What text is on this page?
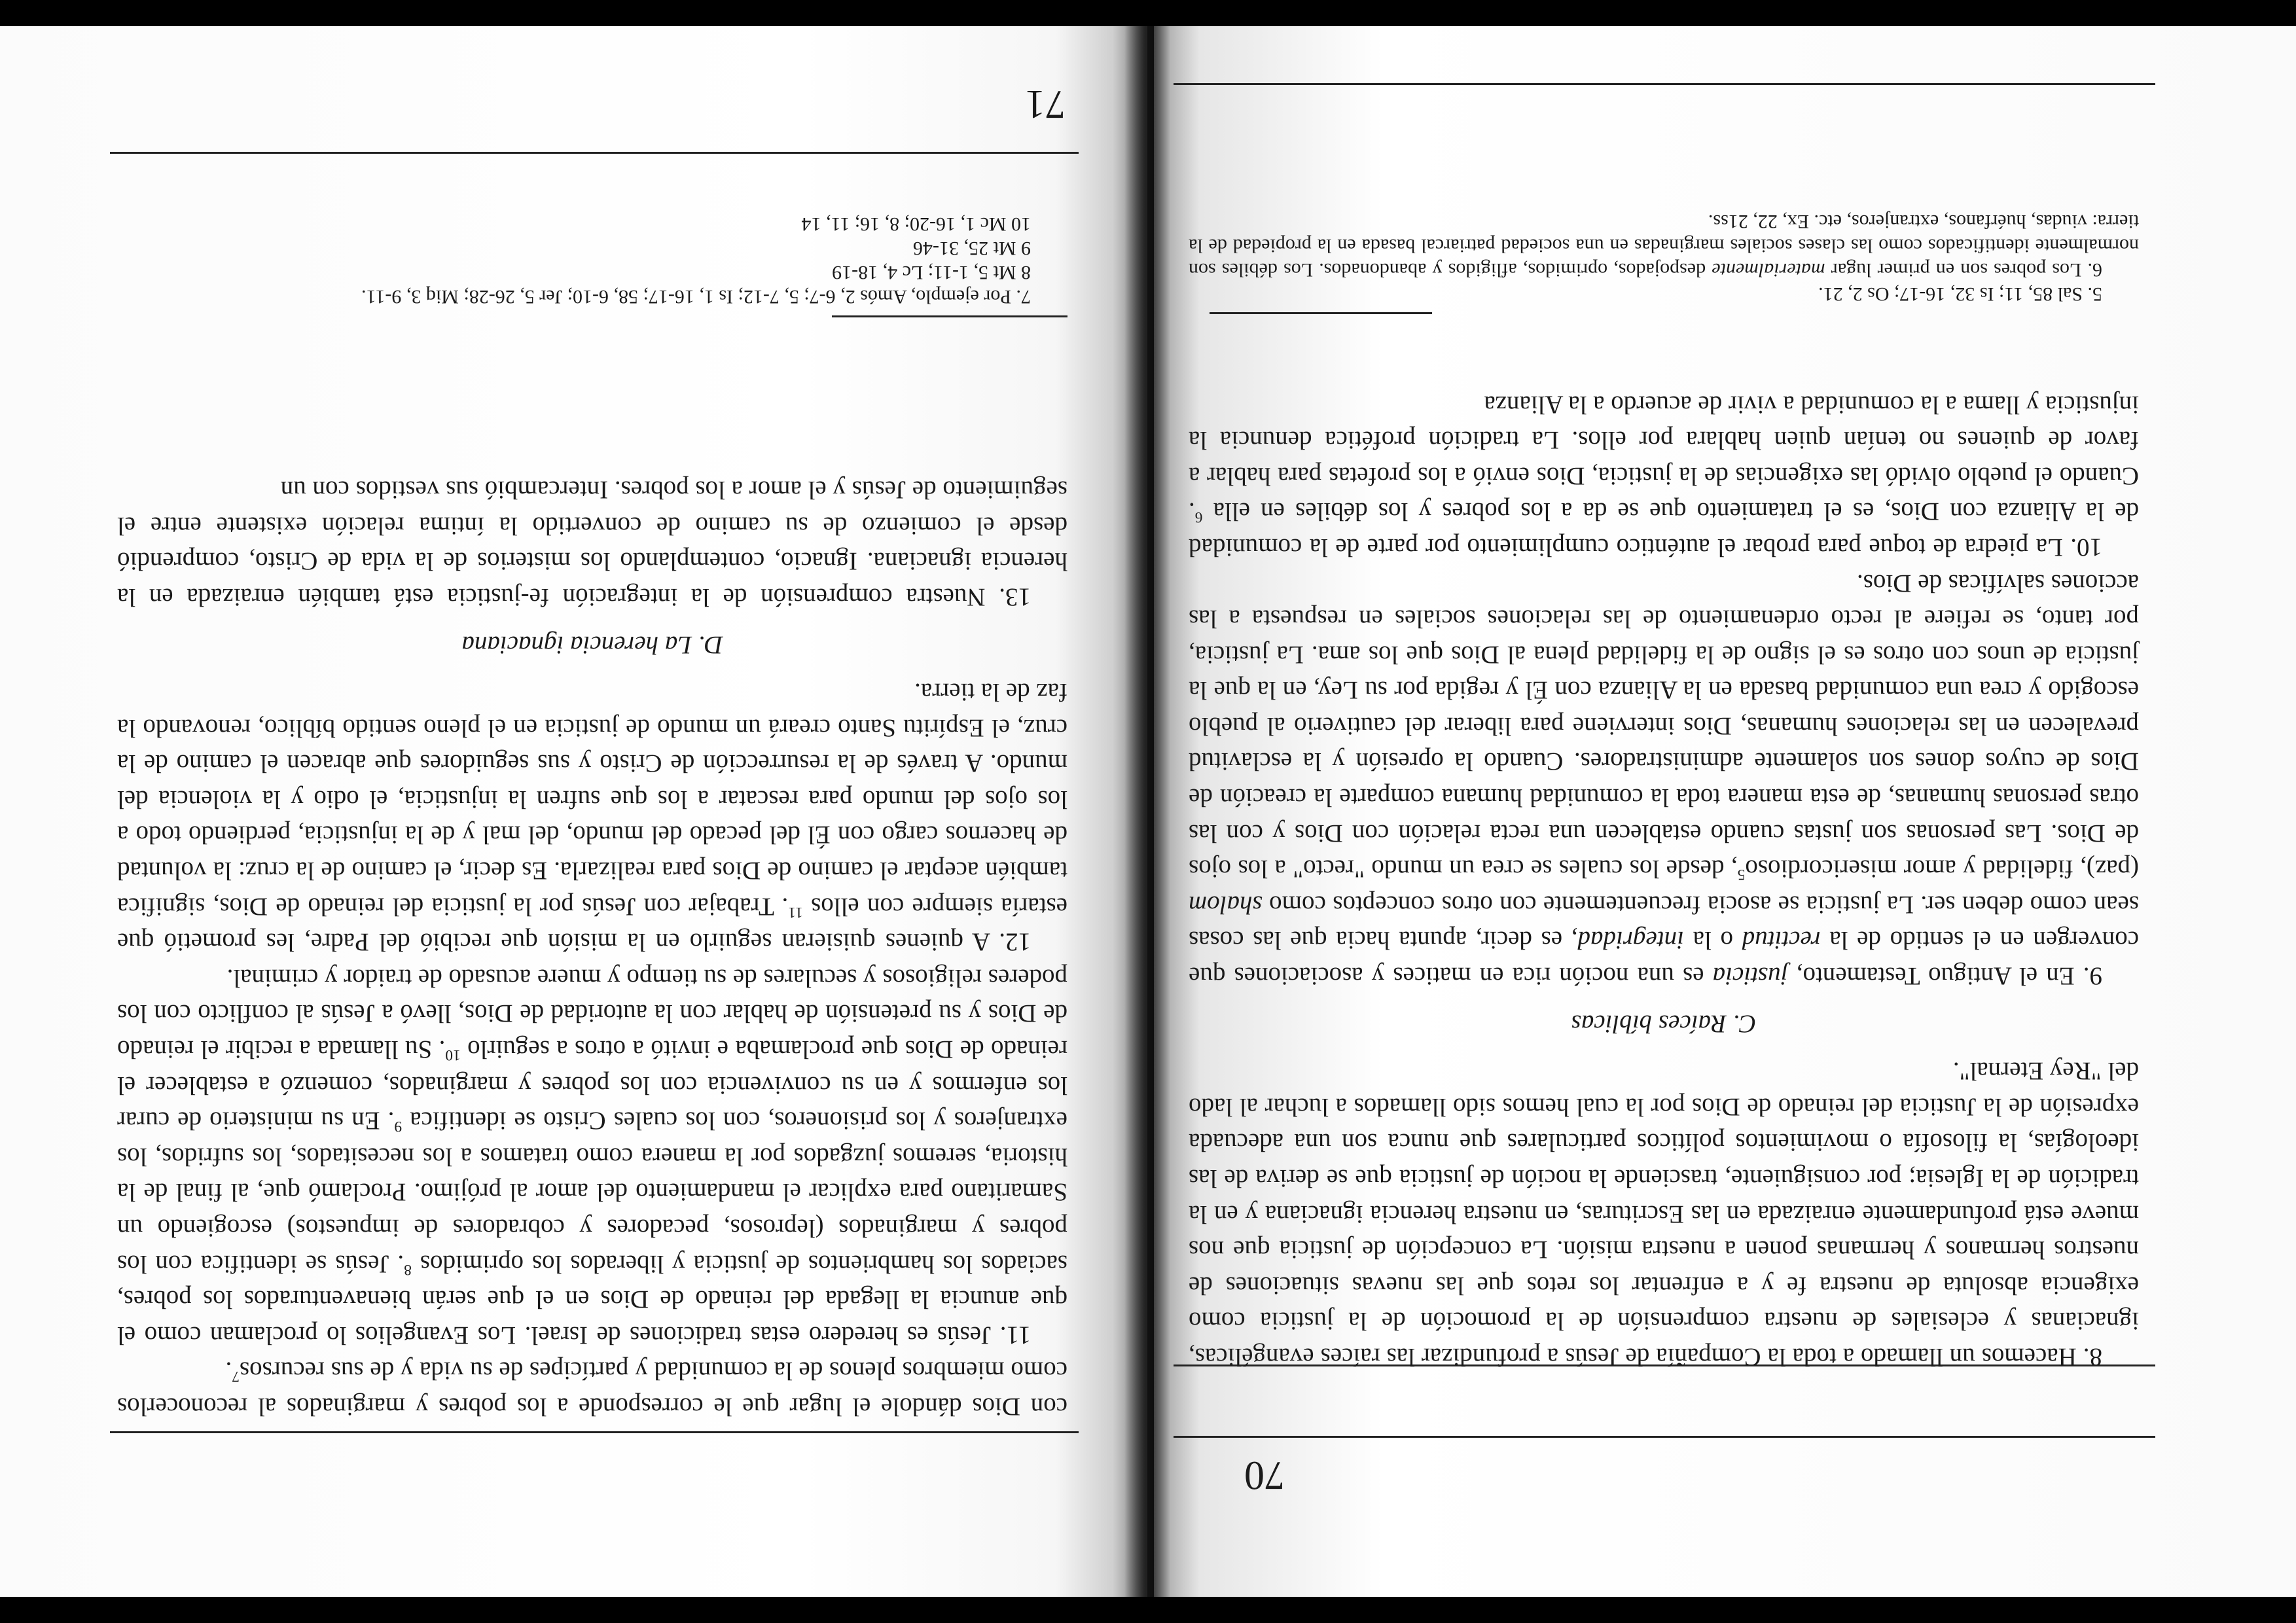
70

8. Hacemos un llamado a toda la Compañía de Jesús a profundizar las raíces evangélicas, ignacianas y eclesiales de nuestra comprensión de la promoción de la justicia como exigencia absoluta de nuestra fe y a enfrentar los retos que las nuevas situaciones de nuestros hermanos y hermanas ponen a nuestra misión. La concepción de justicia que nos mueve está profundamente enraizada en las Escrituras, en nuestra herencia ignaciana y en la tradición de la Iglesia; por consiguiente, trasciende la noción de justicia que se deriva de las ideologías, la filosofía o movimientos políticos particulares que nunca son una adecuada expresión de la Justicia del reinado de Dios por la cual hemos sido llamados a luchar al lado del "Rey Eternal".

C. Raíces bíblicas

9. En el Antiguo Testamento, justicia es una noción rica en matices y asociaciones que convergen en el sentido de la rectitud o la integridad, es decir, apunta hacia que las cosas sean como deben ser. La justicia se asocia frecuentemente con otros conceptos como shalom (paz), fidelidad y amor misericordioso$^5$, desde los cuales se crea un mundo "recto" a los ojos de Dios. Las personas son justas cuando establecen una recta relación con Dios y con las otras personas humanas, de esta manera toda la comunidad humana comparte la creación de Dios de cuyos dones son solamente administradores. Cuando la opresión y la esclavitud prevalecen en las relaciones humanas, Dios interviene para liberar del cautiverio al pueblo escogido y crea una comunidad basada en la Alianza con Él y regida por su Ley, en la que la justicia de unos con otros es el signo de la fidelidad plena al Dios que los ama. La justicia, por tanto, se refiere al recto ordenamiento de las relaciones sociales en respuesta a las acciones salvíficas de Dios.

10. La piedra de toque para probar el auténtico cumplimiento por parte de la comunidad de la Alianza con Dios, es el tratamiento que se da a los pobres y los débiles en ella $^6$. Cuando el pueblo olvidó las exigencias de la justicia, Dios envió a los profetas para hablar a favor de quienes no tenían quien hablara por ellos. La tradición profética denuncia la injusticia y llama a la comunidad a vivir de acuerdo a la Alianza

5. Sal 85, 11; Is 32, 16-17; Os 2, 21.

6. Los pobres son en primer lugar materialmente despojados, oprimidos, afligidos y abandonados. Los débiles son normalmente identificados como las clases sociales marginadas en una sociedad patriarcal basada en la propiedad de la tierra: viudas, huérfanos, extranjeros, etc. Ex, 22, 21ss.

con Dios dándole el lugar que le corresponde a los pobres y marginados al reconocerlos como miembros plenos de la comunidad y partícipes de su vida y de sus recursos$^7$.

11. Jesús es heredero estas tradiciones de Israel. Los Evangelios lo proclaman como el que anuncia la llegada del reinado de Dios en el que serán bienaventurados los pobres, saciados los hambrientos de justicia y liberados los oprimidos $^8$. Jesús se identifica con los pobres y marginados (leprosos, pecadores y cobradores de impuestos) escogiendo un Samaritano para explicar el mandamiento del amor al prójimo. Proclamó que, al final de la historia, seremos juzgados por la manera como tratamos a los necesitados, los sufridos, los extranjeros y los prisioneros, con los cuales Cristo se identifica $^9$. En su ministerio de curar los enfermos y en su convivencia con los pobres y marginados, comenzó a establecer el reinado de Dios que proclamaba e invitó a otros a seguirlo $^{10}$. Su llamada a recibir el reinado de Dios y su pretensión de hablar con la autoridad de Dios, llevó a Jesús al conflicto con los poderes religiosos y seculares de su tiempo y muere acusado de traidor y criminal.

12. A quienes quisieran seguirlo en la misión que recibió del Padre, les prometió que estaría siempre con ellos $^{11}$. Trabajar con Jesús por la justicia del reinado de Dios, significa también aceptar el camino de Dios para realizarla. Es decir, el camino de la cruz: la voluntad de hacernos cargo con Él del pecado del mundo, del mal y de la injusticia, perdiendo todo a los ojos del mundo para rescatar a los que sufren la injusticia, el odio y la violencia del mundo. A través de la resurrección de Cristo y sus seguidores que abracen el camino de la cruz, el Espíritu Santo creará un mundo de justicia en el pleno sentido bíblico, renovando la faz de la tierra.

D. La herencia ignaciana

13. Nuestra comprensión de la integración fe-justicia está también enraizada en la herencia ignaciana. Ignacio, contemplando los misterios de la vida de Cristo, comprendió desde el comienzo de su camino de convertido la íntima relación existente entre el seguimiento de Jesús y el amor a los pobres. Intercambió sus vestidos con un

7. Por ejemplo, Amós 2, 6-7; 5, 7-12; Is 1, 16-17; 58, 6-10; Jer 5, 26-28; Miq 3, 9-11.

8 Mt 5, 1-11; Lc 4, 18-19

9 Mt 25, 31-46

10 Mc 1, 16-20; 8, 16; 11, 14

71
